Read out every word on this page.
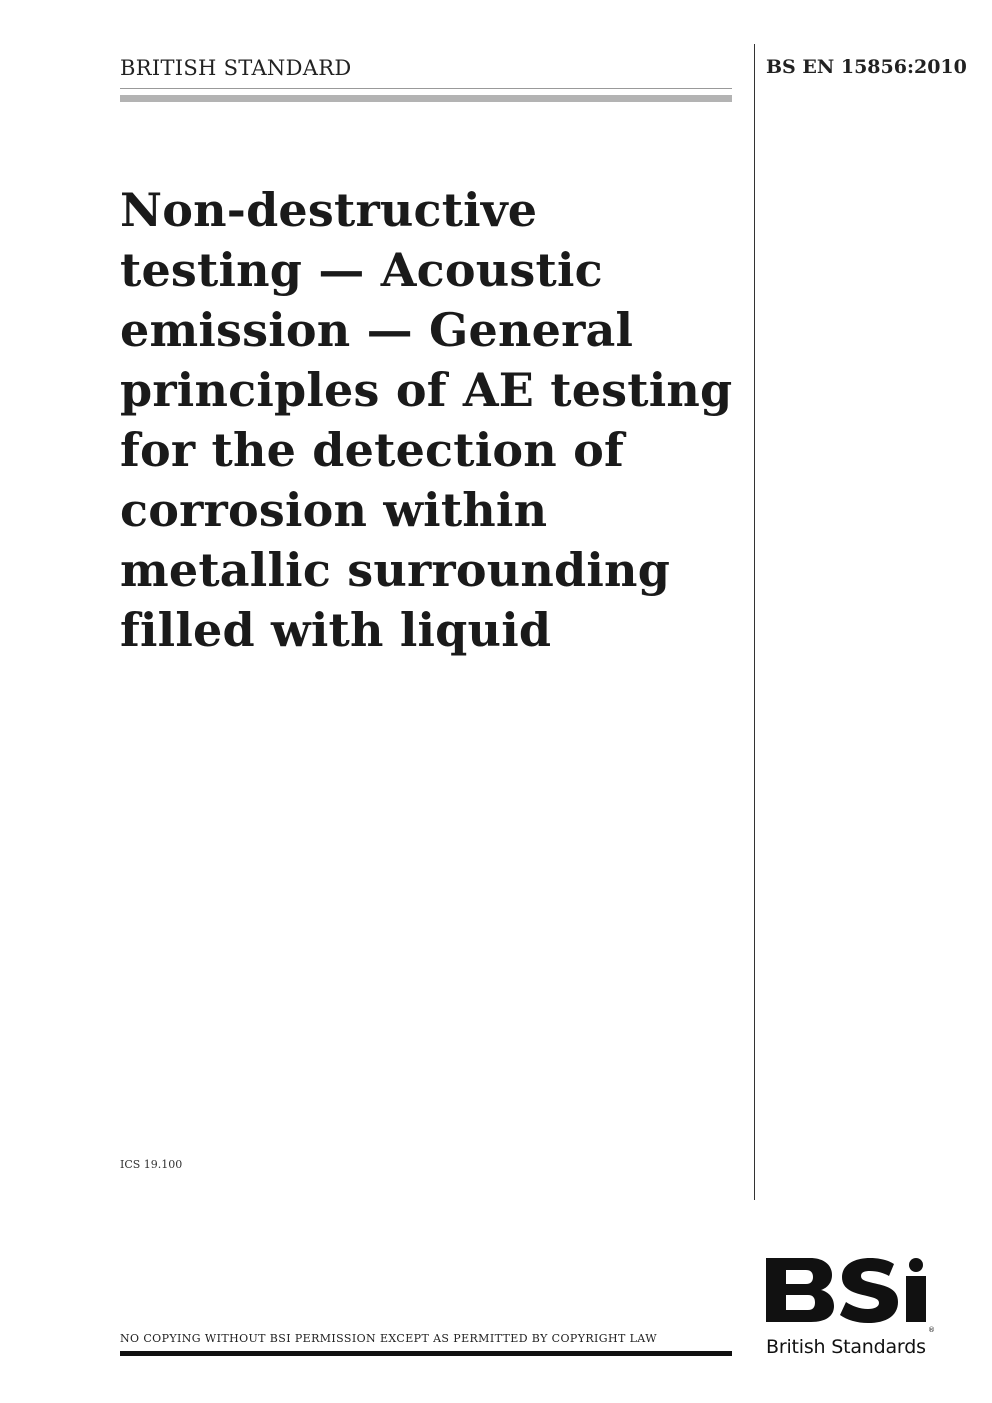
BRITISH STANDARD	BS EN 15856:2010
Non-destructive
testing — Acoustic
emission — General
principles of AE testing
for the detection of
corrosion within
metallic surrounding
filled with liquid
ICS 19.100
NO COPYING WITHOUT BSI PERMISSION EXCEPT AS PERMITTED BY COPYRIGHT LAW
®
British Standards
